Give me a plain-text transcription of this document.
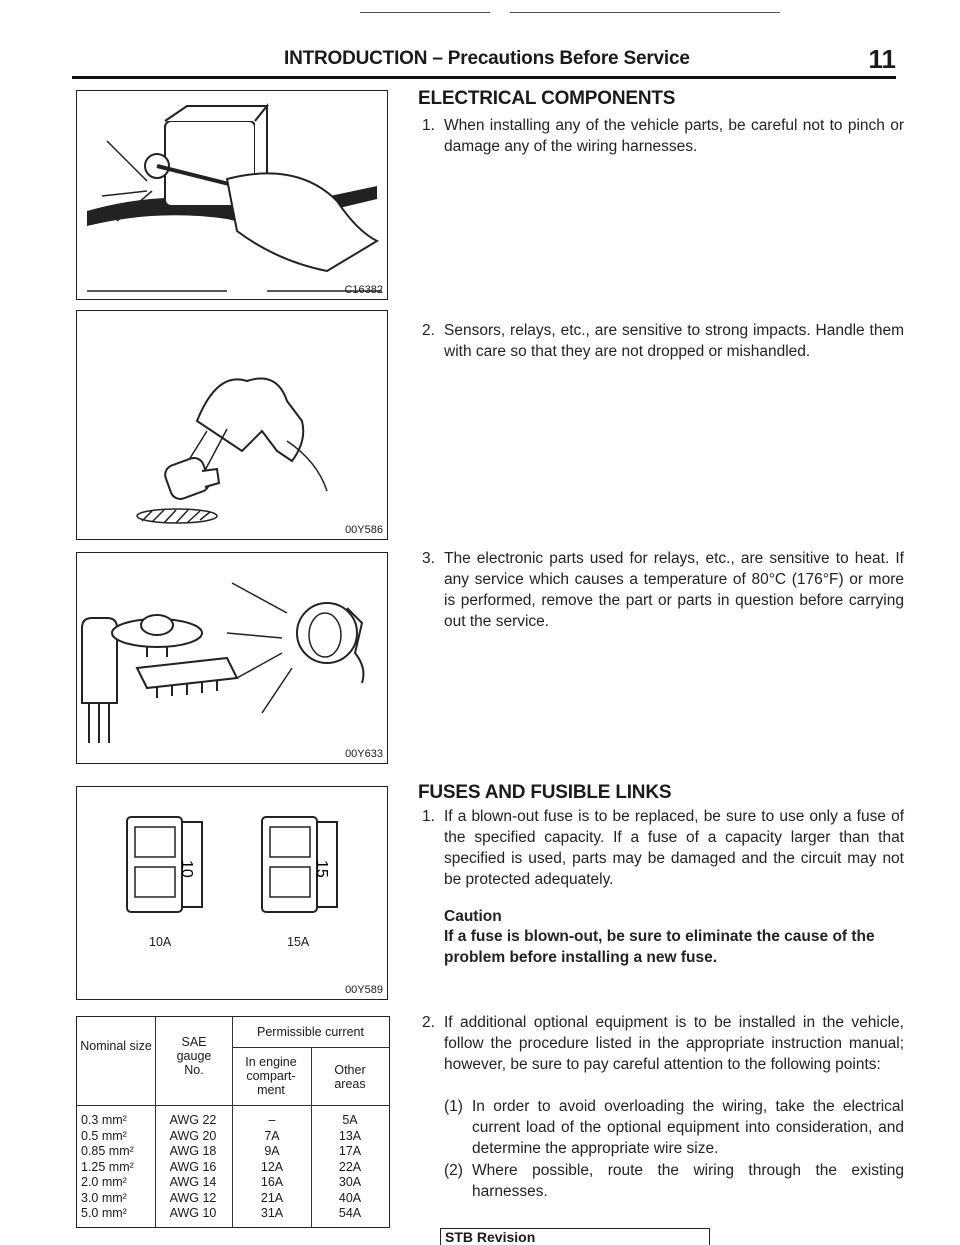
INTRODUCTION – Precautions Before Service	11
C16382
00Y586
00Y633
10	15
10A	15A
00Y589
ELECTRICAL COMPONENTS
1. When installing any of the vehicle parts, be careful not to pinch or damage any of the wiring harnesses.
2. Sensors, relays, etc., are sensitive to strong impacts. Handle them with care so that they are not dropped or mishandled.
3. The electronic parts used for relays, etc., are sensitive to heat. If any service which causes a temperature of 80°C (176°F) or more is performed, remove the part or parts in question before carrying out the service.
FUSES AND FUSIBLE LINKS
1. If a blown-out fuse is to be replaced, be sure to use only a fuse of the specified capacity. If a fuse of a capacity larger than that specified is used, parts may be damaged and the circuit may not be protected adequately.
Caution
If a fuse is blown-out, be sure to eliminate the cause of the problem before installing a new fuse.
2. If additional optional equipment is to be installed in the vehicle, follow the procedure listed in the appropriate instruction manual; however, be sure to pay careful attention to the following points:
(1) In order to avoid overloading the wiring, take the electrical current load of the optional equipment into consideration, and determine the appropriate wire size.
(2) Where possible, route the wiring through the existing harnesses.
Nominal size	SAE gauge No.
Permissible current
In engine compart- ment
Other areas
0.3 mm²	AWG 22	–	5A
0.5 mm²	AWG 20	7A	13A
0.85 mm²	AWG 18	9A	17A
1.25 mm²	AWG 16	12A	22A
2.0 mm²	AWG 14	16A	30A
3.0 mm²	AWG 12	21A	40A
5.0 mm²	AWG 10	31A	54A
STB Revision
